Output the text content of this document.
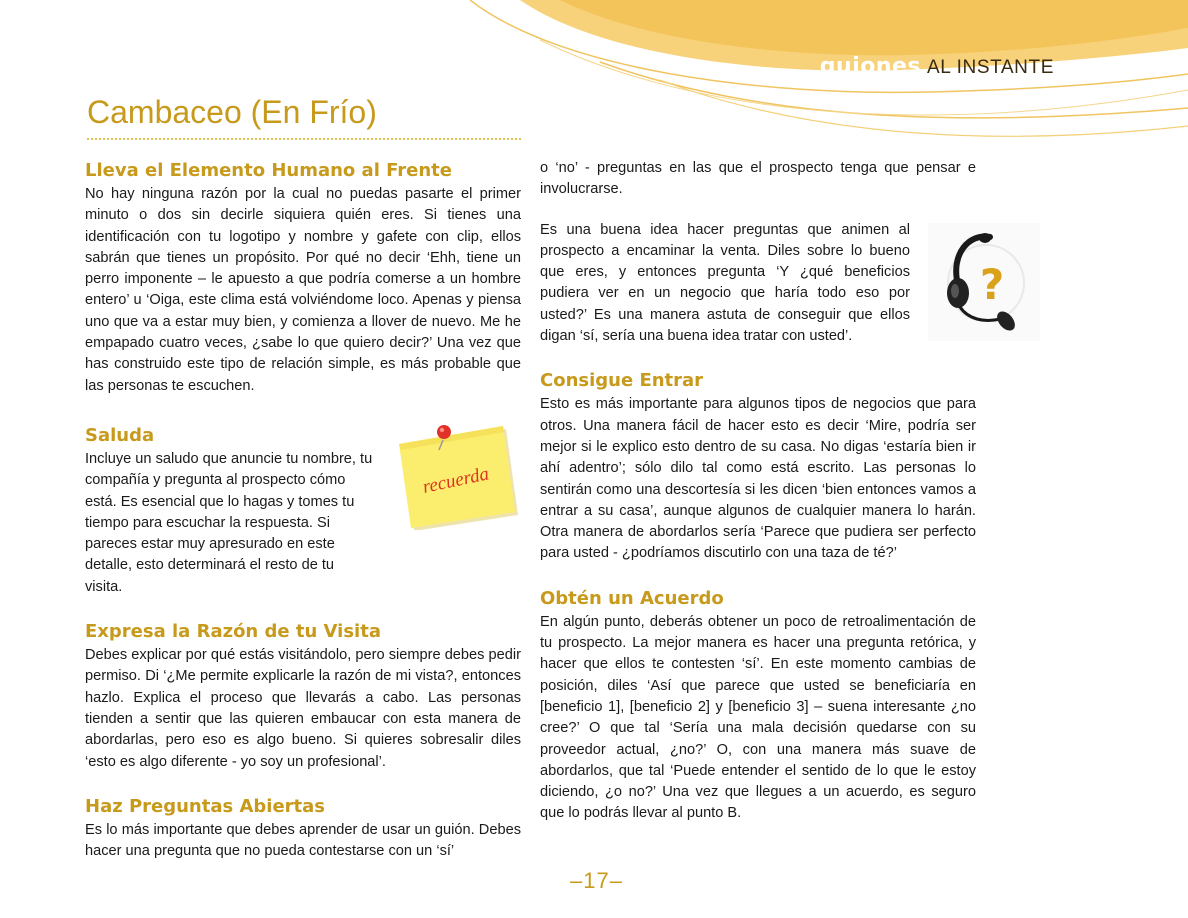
guiones AL INSTANTE
Cambaceo (En Frío)
Lleva el Elemento Humano al Frente

No hay ninguna razón por la cual no puedas pasarte el primer minuto o dos sin decirle siquiera quién eres. Si tienes una identificación con tu logotipo y nombre y gafete con clip, ellos sabrán que tienes un propósito. Por qué no decir ‘Ehh, tiene un perro imponente – le apuesto a que podría comerse a un hombre entero’ u ‘Oiga, este clima está volviéndome loco. Apenas y piensa uno que va a estar muy bien, y comienza a llover de nuevo. Me he empapado cuatro veces, ¿sabe lo que quiero decir?’ Una vez que has construido este tipo de relación simple, es más probable que las personas te escuchen.

Saluda

Incluye un saludo que anuncie tu nombre, tu compañía y pregunta al prospecto cómo está. Es esencial que lo hagas y tomes tu tiempo para escuchar la respuesta. Si pareces estar muy apresurado en este detalle, esto determinará el resto de tu visita.

Expresa la Razón de tu Visita

Debes explicar por qué estás visitándolo, pero siempre debes pedir permiso. Di ‘¿Me permite explicarle la razón de mi vista?, entonces hazlo. Explica el proceso que llevarás a cabo. Las personas tienden a sentir que las quieren embaucar con esta manera de abordarlas, pero eso es algo bueno. Si quieres sobresalir diles ‘esto es algo diferente - yo soy un profesional’.

Haz Preguntas Abiertas

Es lo más importante que debes aprender de usar un guión. Debes hacer una pregunta que no pueda contestarse con un ‘sí’

recuerda

o ‘no’ - preguntas en las que el prospecto tenga que pensar e involucrarse.

Es una buena idea hacer preguntas que animen al prospecto a encaminar la venta. Diles sobre lo bueno que eres, y entonces pregunta ‘Y ¿qué beneficios pudiera ver en un negocio que haría todo eso por usted?’ Es una manera astuta de conseguir que ellos digan ‘sí, sería una buena idea tratar con usted’.

Consigue Entrar

Esto es más importante para algunos tipos de negocios que para otros. Una manera fácil de hacer esto es decir ‘Mire, podría ser mejor si le explico esto dentro de su casa. No digas ‘estaría bien ir ahí adentro’; sólo dilo tal como está escrito. Las personas lo sentirán como una descortesía si les dicen ‘bien entonces vamos a entrar a su casa’, aunque algunos de cualquier manera lo harán. Otra manera de abordarlos sería ‘Parece que pudiera ser perfecto para usted - ¿podríamos discutirlo con una taza de té?’

Obtén un Acuerdo

En algún punto, deberás obtener un poco de retroalimentación de tu prospecto. La mejor manera es hacer una pregunta retórica, y hacer que ellos te contesten ‘sí’. En este momento cambias de posición, diles ‘Así que parece que usted se beneficiaría en [beneficio 1], [beneficio 2] y [beneficio 3] – suena interesante ¿no cree?’ O que tal ‘Sería una mala decisión quedarse con su proveedor actual, ¿no?’ O, con una manera más suave de abordarlos, que tal ‘Puede entender el sentido de lo que le estoy diciendo, ¿o no?’ Una vez que llegues a un acuerdo, es seguro que lo podrás llevar al punto B.

?
–17–
